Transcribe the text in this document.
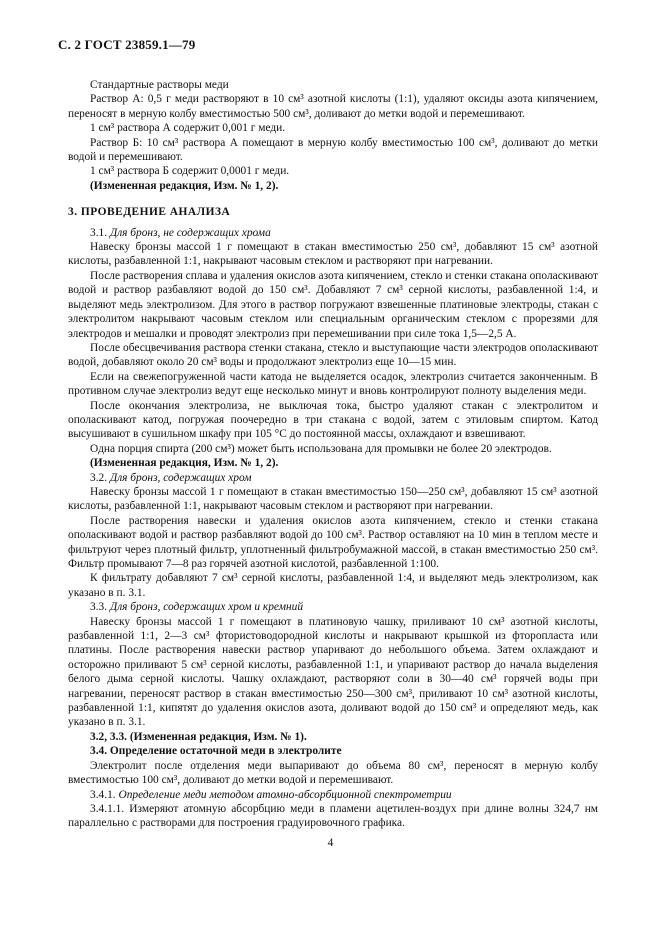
С. 2 ГОСТ 23859.1—79

Стандартные растворы меди

Раствор А: 0,5 г меди растворяют в 10 см³ азотной кислоты (1:1), удаляют оксиды азота кипячением, переносят в мерную колбу вместимостью 500 см³, доливают до метки водой и перемешивают.

1 см³ раствора А содержит 0,001 г меди.

Раствор Б: 10 см³ раствора А помещают в мерную колбу вместимостью 100 см³, доливают до метки водой и перемешивают.

1 см³ раствора Б содержит 0,0001 г меди.

(Измененная редакция, Изм. № 1, 2).

3. ПРОВЕДЕНИЕ АНАЛИЗА

3.1. Для бронз, не содержащих хрома

Навеску бронзы массой 1 г помещают в стакан вместимостью 250 см³, добавляют 15 см³ азотной кислоты, разбавленной 1:1, накрывают часовым стеклом и растворяют при нагревании.

После растворения сплава и удаления окислов азота кипячением, стекло и стенки стакана ополаскивают водой и раствор разбавляют водой до 150 см³. Добавляют 7 см³ серной кислоты, разбавленной 1:4, и выделяют медь электролизом. Для этого в раствор погружают взвешенные платиновые электроды, стакан с электролитом накрывают часовым стеклом или специальным органическим стеклом с прорезями для электродов и мешалки и проводят электролиз при перемешивании при силе тока 1,5—2,5 А.

После обесцвечивания раствора стенки стакана, стекло и выступающие части электродов ополаскивают водой, добавляют около 20 см³ воды и продолжают электролиз еще 10—15 мин.

Если на свежепогруженной части катода не выделяется осадок, электролиз считается законченным. В противном случае электролиз ведут еще несколько минут и вновь контролируют полноту выделения меди.

После окончания электролиза, не выключая тока, быстро удаляют стакан с электролитом и ополаскивают катод, погружая поочередно в три стакана с водой, затем с этиловым спиртом. Катод высушивают в сушильном шкафу при 105 °С до постоянной массы, охлаждают и взвешивают.

Одна порция спирта (200 см³) может быть использована для промывки не более 20 электродов.

(Измененная редакция, Изм. № 1, 2).

3.2. Для бронз, содержащих хром

Навеску бронзы массой 1 г помещают в стакан вместимостью 150—250 см³, добавляют 15 см³ азотной кислоты, разбавленной 1:1, накрывают часовым стеклом и растворяют при нагревании.

После растворения навески и удаления окислов азота кипячением, стекло и стенки стакана ополаскивают водой и раствор разбавляют водой до 100 см³. Раствор оставляют на 10 мин в теплом месте и фильтруют через плотный фильтр, уплотненный фильтробумажной массой, в стакан вместимостью 250 см³. Фильтр промывают 7—8 раз горячей азотной кислотой, разбавленной 1:100.

К фильтрату добавляют 7 см³ серной кислоты, разбавленной 1:4, и выделяют медь электролизом, как указано в п. 3.1.

3.3. Для бронз, содержащих хром и кремний

Навеску бронзы массой 1 г помещают в платиновую чашку, приливают 10 см³ азотной кислоты, разбавленной 1:1, 2—3 см³ фтористоводородной кислоты и накрывают крышкой из фторопласта или платины. После растворения навески раствор упаривают до небольшого объема. Затем охлаждают и осторожно приливают 5 см³ серной кислоты, разбавленной 1:1, и упаривают раствор до начала выделения белого дыма серной кислоты. Чашку охлаждают, растворяют соли в 30—40 см³ горячей воды при нагревании, переносят раствор в стакан вместимостью 250—300 см³, приливают 10 см³ азотной кислоты, разбавленной 1:1, кипятят до удаления окислов азота, доливают водой до 150 см³ и определяют медь, как указано в п. 3.1.

3.2, 3.3. (Измененная редакция, Изм. № 1).

3.4. Определение остаточной меди в электролите

Электролит после отделения меди выпаривают до объема 80 см³, переносят в мерную колбу вместимостью 100 см³, доливают до метки водой и перемешивают.

3.4.1. Определение меди методом атомно-абсорбционной спектрометрии

3.4.1.1. Измеряют атомную абсорбцию меди в пламени ацетилен-воздух при длине волны 324,7 нм параллельно с растворами для построения градуировочного графика.

4
